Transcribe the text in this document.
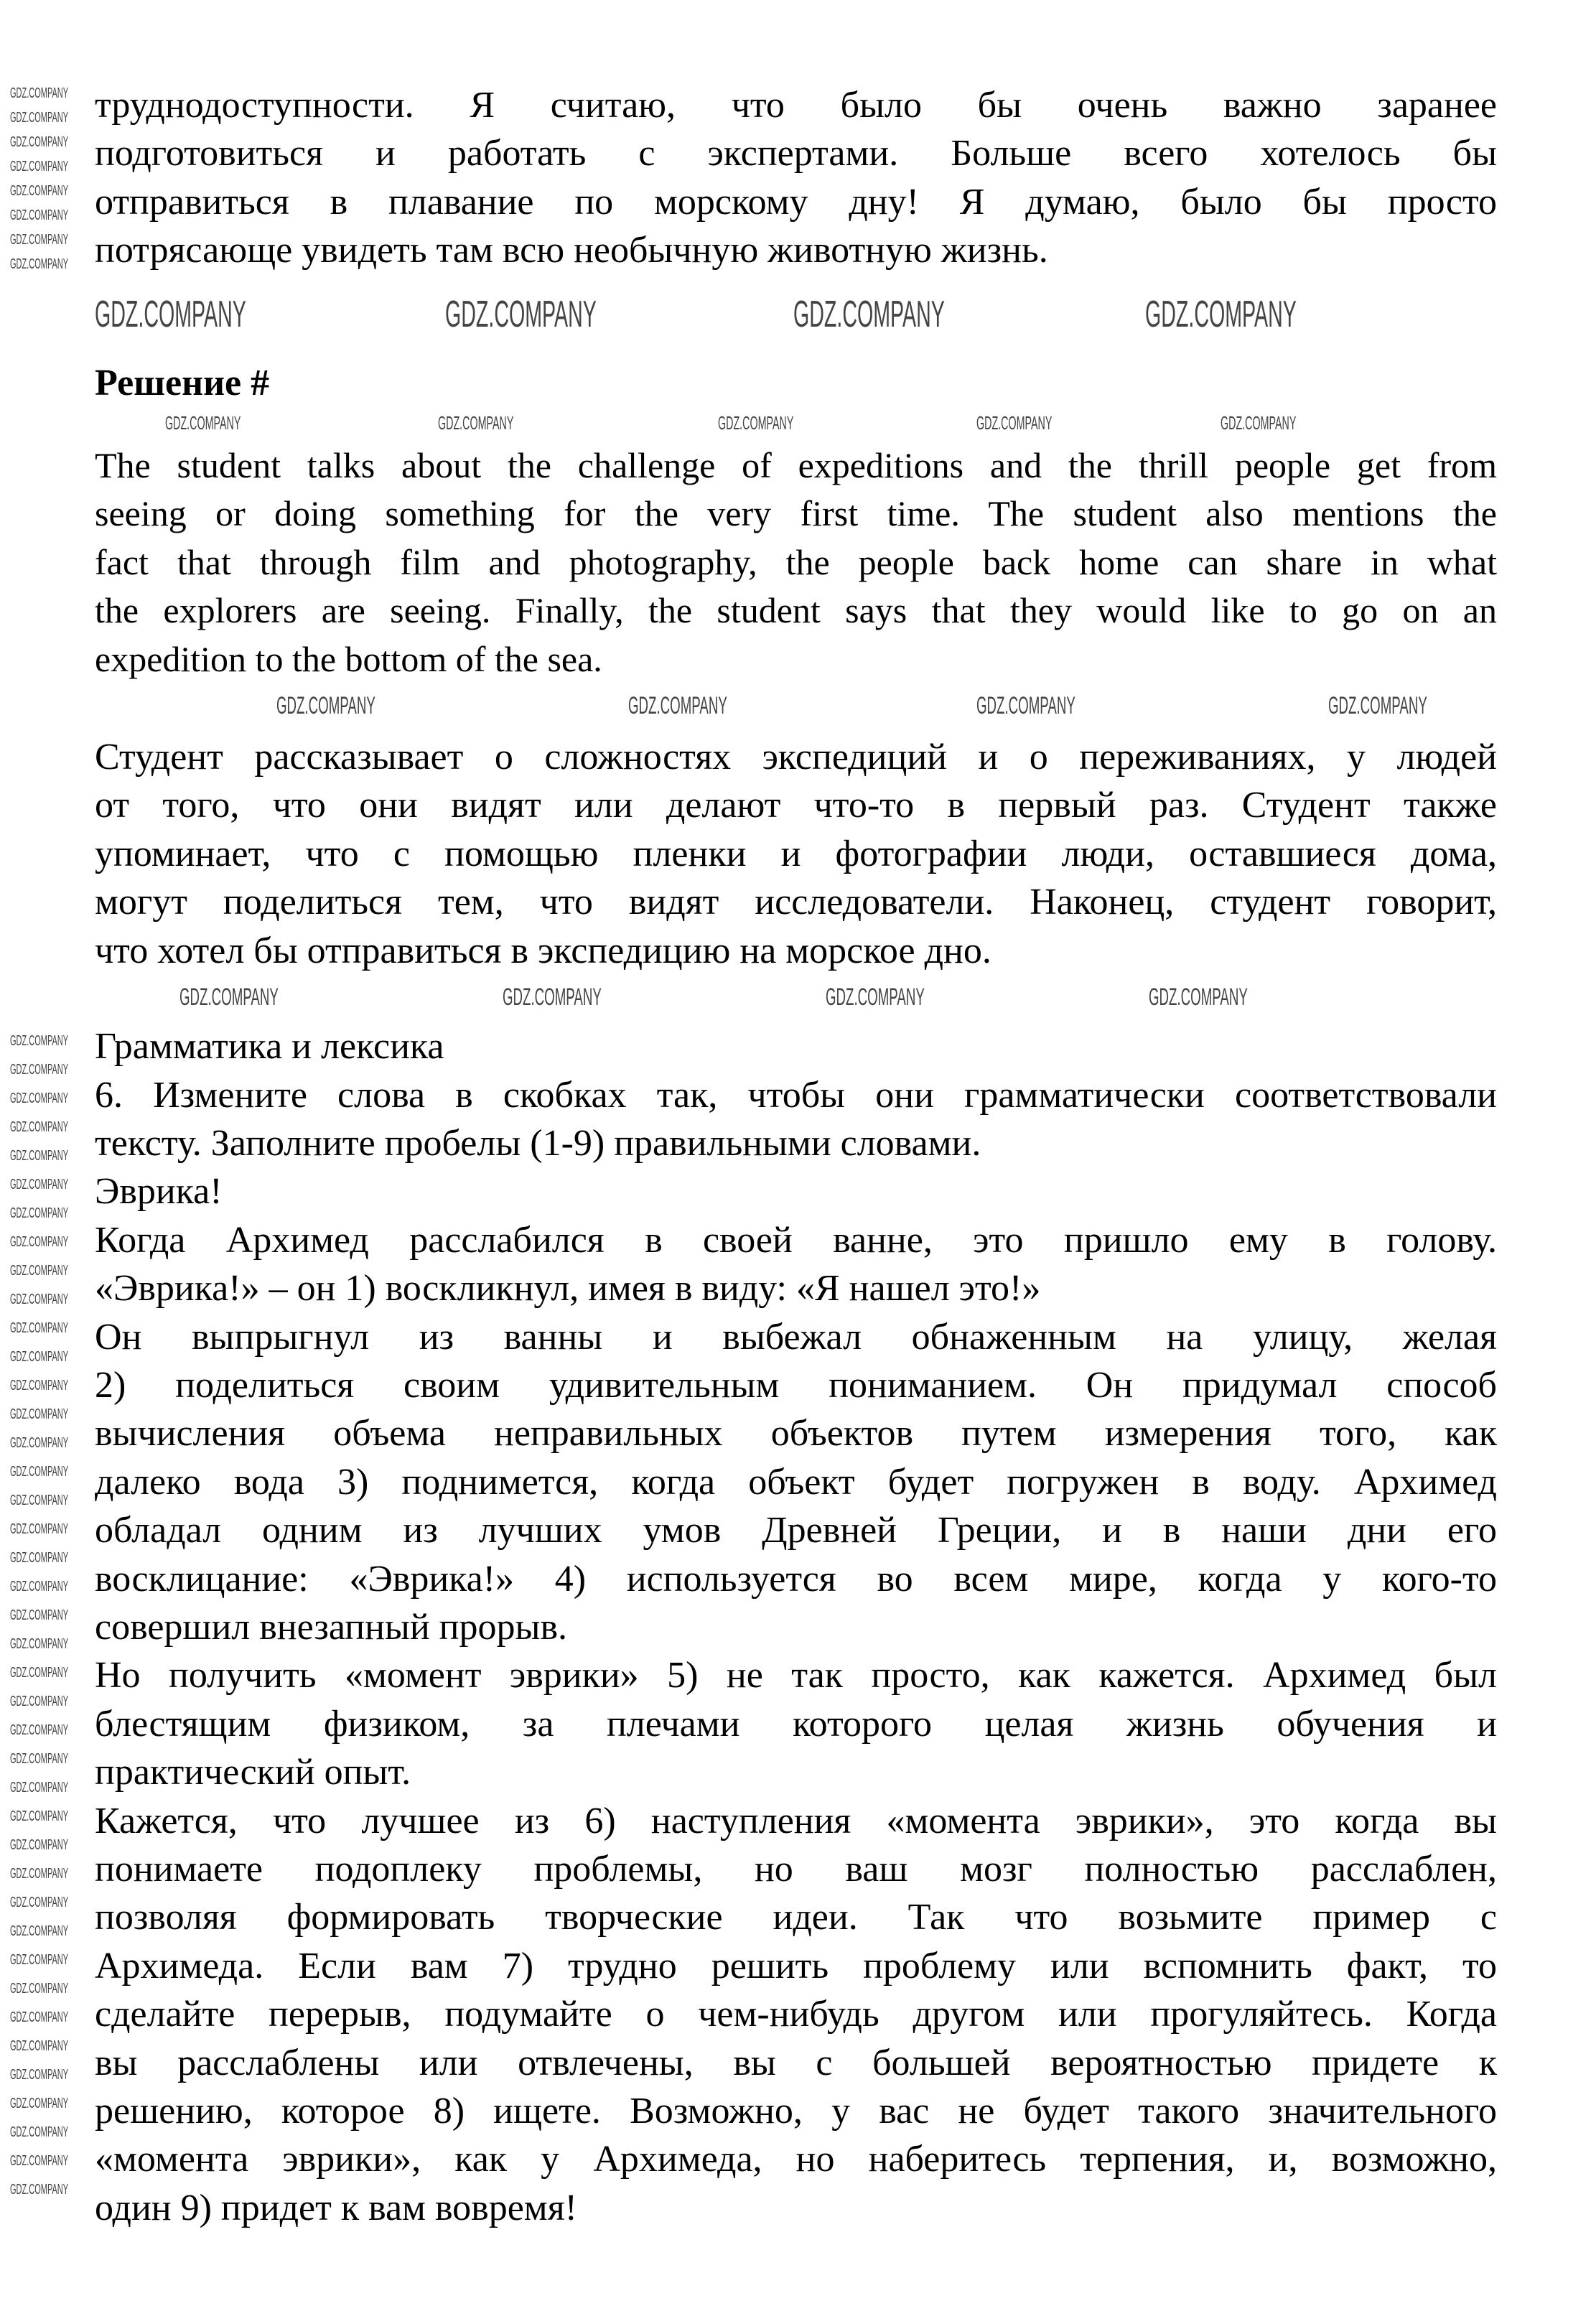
труднодоступности. Я считаю, что было бы очень важно заранее
подготовиться и работать с экспертами. Больше всего хотелось бы
отправиться в плавание по морскому дну! Я думаю, было бы просто
потрясающе увидеть там всю необычную животную жизнь.
Решение #
The student talks about the challenge of expeditions and the thrill people get from
seeing or doing something for the very first time. The student also mentions the
fact that through film and photography, the people back home can share in what
the explorers are seeing. Finally, the student says that they would like to go on an
expedition to the bottom of the sea.
Студент рассказывает о сложностях экспедиций и о переживаниях, у людей
от того, что они видят или делают что-то в первый раз. Студент также
упоминает, что с помощью пленки и фотографии люди, оставшиеся дома,
могут поделиться тем, что видят исследователи. Наконец, студент говорит,
что хотел бы отправиться в экспедицию на морское дно.
Грамматика и лексика
6. Измените слова в скобках так, чтобы они грамматически соответствовали
тексту. Заполните пробелы (1-9) правильными словами.
Эврика!
Когда Архимед расслабился в своей ванне, это пришло ему в голову.
«Эврика!» – он 1) воскликнул, имея в виду: «Я нашел это!»
Он выпрыгнул из ванны и выбежал обнаженным на улицу, желая
2) поделиться своим удивительным пониманием. Он придумал способ
вычисления объема неправильных объектов путем измерения того, как
далеко вода 3) поднимется, когда объект будет погружен в воду. Архимед
обладал одним из лучших умов Древней Греции, и в наши дни его
восклицание: «Эврика!» 4) используется во всем мире, когда у кого-то
совершил внезапный прорыв.
Но получить «момент эврики» 5) не так просто, как кажется. Архимед был
блестящим физиком, за плечами которого целая жизнь обучения и
практический опыт.
Кажется, что лучшее из 6) наступления «момента эврики», это когда вы
понимаете подоплеку проблемы, но ваш мозг полностью расслаблен,
позволяя формировать творческие идеи. Так что возьмите пример с
Архимеда. Если вам 7) трудно решить проблему или вспомнить факт, то
сделайте перерыв, подумайте о чем-нибудь другом или прогуляйтесь. Когда
вы расслаблены или отвлечены, вы с большей вероятностью придете к
решению, которое 8) ищете. Возможно, у вас не будет такого значительного
«момента эврики», как у Архимеда, но наберитесь терпения, и, возможно,
один 9) придет к вам вовремя!
GDZ.COMPANY	GDZ.COMPANY	GDZ.COMPANY	GDZ.COMPANY
GDZ.COMPANY	GDZ.COMPANY	GDZ.COMPANY	GDZ.COMPANY	GDZ.COMPANY
GDZ.COMPANY	GDZ.COMPANY	GDZ.COMPANY	GDZ.COMPANY
GDZ.COMPANY	GDZ.COMPANY	GDZ.COMPANY	GDZ.COMPANY
GDZ.COMPANY
GDZ.COMPANY
GDZ.COMPANY
GDZ.COMPANY
GDZ.COMPANY
GDZ.COMPANY
GDZ.COMPANY
GDZ.COMPANY
GDZ.COMPANY
GDZ.COMPANY
GDZ.COMPANY
GDZ.COMPANY
GDZ.COMPANY
GDZ.COMPANY
GDZ.COMPANY
GDZ.COMPANY
GDZ.COMPANY
GDZ.COMPANY
GDZ.COMPANY
GDZ.COMPANY
GDZ.COMPANY
GDZ.COMPANY
GDZ.COMPANY
GDZ.COMPANY
GDZ.COMPANY
GDZ.COMPANY
GDZ.COMPANY
GDZ.COMPANY
GDZ.COMPANY
GDZ.COMPANY
GDZ.COMPANY
GDZ.COMPANY
GDZ.COMPANY
GDZ.COMPANY
GDZ.COMPANY
GDZ.COMPANY
GDZ.COMPANY
GDZ.COMPANY
GDZ.COMPANY
GDZ.COMPANY
GDZ.COMPANY
GDZ.COMPANY
GDZ.COMPANY
GDZ.COMPANY
GDZ.COMPANY
GDZ.COMPANY
GDZ.COMPANY
GDZ.COMPANY
GDZ.COMPANY
